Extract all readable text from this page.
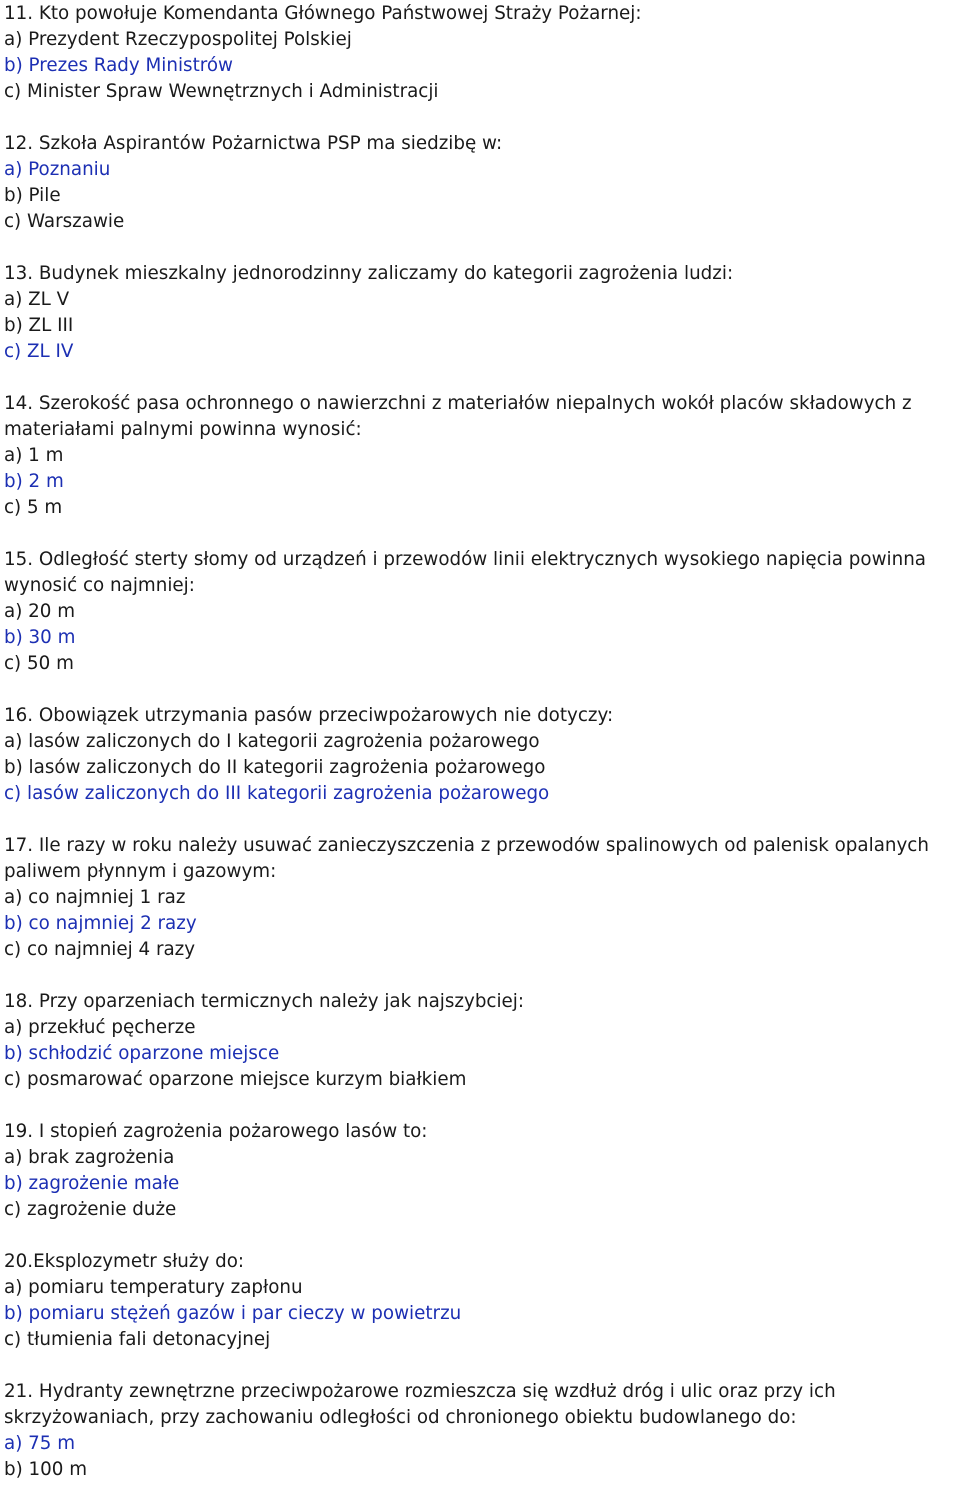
11. Kto powołuje Komendanta Głównego Państwowej Straży Pożarnej:
a) Prezydent Rzeczypospolitej Polskiej
b) Prezes Rady Ministrów
c) Minister Spraw Wewnętrznych i Administracji
12. Szkoła Aspirantów Pożarnictwa PSP ma siedzibę w:
a) Poznaniu
b) Pile
c) Warszawie
13. Budynek mieszkalny jednorodzinny zaliczamy do kategorii zagrożenia ludzi:
a) ZL V
b) ZL III
c) ZL IV
14. Szerokość pasa ochronnego o nawierzchni z materiałów niepalnych wokół placów składowych z materiałami palnymi powinna wynosić:
a) 1 m
b) 2 m
c) 5 m
15. Odległość sterty słomy od urządzeń i przewodów linii elektrycznych wysokiego napięcia powinna wynosić co najmniej:
a) 20 m
b) 30 m
c) 50 m
16. Obowiązek utrzymania pasów przeciwpożarowych nie dotyczy:
a) lasów zaliczonych do I kategorii zagrożenia pożarowego
b) lasów zaliczonych do II kategorii zagrożenia pożarowego
c) lasów zaliczonych do III kategorii zagrożenia pożarowego
17. Ile razy w roku należy usuwać zanieczyszczenia z przewodów spalinowych od palenisk opalanych paliwem płynnym i gazowym:
a) co najmniej 1 raz
b) co najmniej 2 razy
c) co najmniej 4 razy
18. Przy oparzeniach termicznych należy jak najszybciej:
a) przekłuć pęcherze
b) schłodzić oparzone miejsce
c) posmarować oparzone miejsce kurzym białkiem
19. I stopień zagrożenia pożarowego lasów to:
a) brak zagrożenia
b) zagrożenie małe
c) zagrożenie duże
20.Eksplozymetr służy do:
a) pomiaru temperatury zapłonu
b) pomiaru stężeń gazów i par cieczy w powietrzu
c) tłumienia fali detonacyjnej
21. Hydranty zewnętrzne przeciwpożarowe rozmieszcza się wzdłuż dróg i ulic oraz przy ich skrzyżowaniach, przy zachowaniu odległości od chronionego obiektu budowlanego do:
a) 75 m
b) 100 m
